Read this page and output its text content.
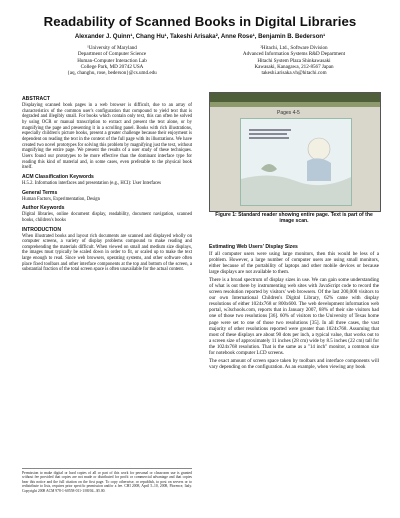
Readability of Scanned Books in Digital Libraries
Alexander J. Quinn¹, Chang Hu¹, Takeshi Arisaka², Anne Rose¹, Benjamin B. Bederson¹
¹University of Maryland
Department of Computer Science
Human-Computer Interaction Lab
College Park, MD 20742 USA
{aq, changhu, rose, bederson}@cs.umd.edu
²Hitachi, Ltd., Software Division
Advanced Information Systems R&D Department
Hitachi System Plaza Shinkawasaki
Kawasaki, Kanagawa, 212-8567 Japan
takeshi.arisaka.vh@hitachi.com
ABSTRACT
Displaying scanned book pages in a web browser is difficult, due to an array of characteristics of the common user's configuration that compound to yield text that is degraded and illegibly small. For books which contain only text, this can often be solved by using OCR or manual transcription to extract and present the text alone, or by magnifying the page and presenting it in a scrolling panel. Books with rich illustrations, especially children's picture books, present a greater challenge because their enjoyment is dependent on reading the text in the context of the full page with its illustrations. We have created two novel prototypes for solving this problem by magnifying just the text, without magnifying the entire page. We present the results of a user study of these techniques. Users found our prototypes to be more effective than the dominant interface type for reading this kind of material and, in some cases, even preferable to the physical book itself.
ACM Classification Keywords
H.5.2. Information interfaces and presentation (e.g., HCI): User Interfaces
General Terms
Human Factors, Experimentation, Design
Author Keywords
Digital libraries, online document display, readability, document navigation, scanned books, children's books
INTRODUCTION
When illustrated books and layout rich documents are scanned and displayed wholly on computer screens, a variety of display problems compound to make reading and comprehending the materials difficult. When viewed on small and medium size displays, the images must typically be scaled down in order to fit, or scaled up to make the text large enough to read. Since web browsers, operating systems, and other software often place fixed toolbars and other interface components at the top and bottom of the screen, a substantial fraction of the total screen space is often unavailable for the actual content.
Permission to make digital or hard copies of all or part of this work for personal or classroom use is granted without fee provided that copies are not made or distributed for profit or commercial advantage and that copies bear this notice and the full citation on the first page. To copy otherwise, or republish, to post on servers or to redistribute to lists, requires prior specific permission and/or a fee. CHI 2008, April 5–10, 2008, Florence, Italy. Copyright 2008 ACM 978-1-60558-011-1/08/04...$5.00.
Pages 4-5
Figure 1: Standard reader showing entire page. Text is part of the image scan.
Estimating Web Users' Display Sizes
If all computer users were using large monitors, then this would be less of a problem. However, a large number of computer users are using small monitors, either because of the portability of laptops and other mobile devices or because large displays are not available to them.
There is a broad spectrum of display sizes in use. We can gain some understanding of what is out there by instrumenting web sites with JavaScript code to record the screen resolution reported by visitors' web browsers. Of the last 200,000 visitors to our own International Children's Digital Library, 62% came with display resolutions of either 1024x768 or 800x600. The web development information web portal, w3schools.com, reports that in January 2007, 68% of their site visitors had one of those two resolutions [36]. 60% of visitors to the University of Texas home page were set to one of those two resolutions [35]. In all three cases, the vast majority of other resolutions reported were greater than 1024x768. Assuming that most of these displays are about 90 dots per inch, a typical value, that works out to a screen size of approximately 11 inches (28 cm) wide by 8.5 inches (22 cm) tall for the 1024x768 resolution. That is the same as a "14 inch" monitor, a common size for notebook computer LCD screens.
The exact amount of screen space taken by toolbars and interface components will vary depending on the configuration. As an example, when viewing any book
